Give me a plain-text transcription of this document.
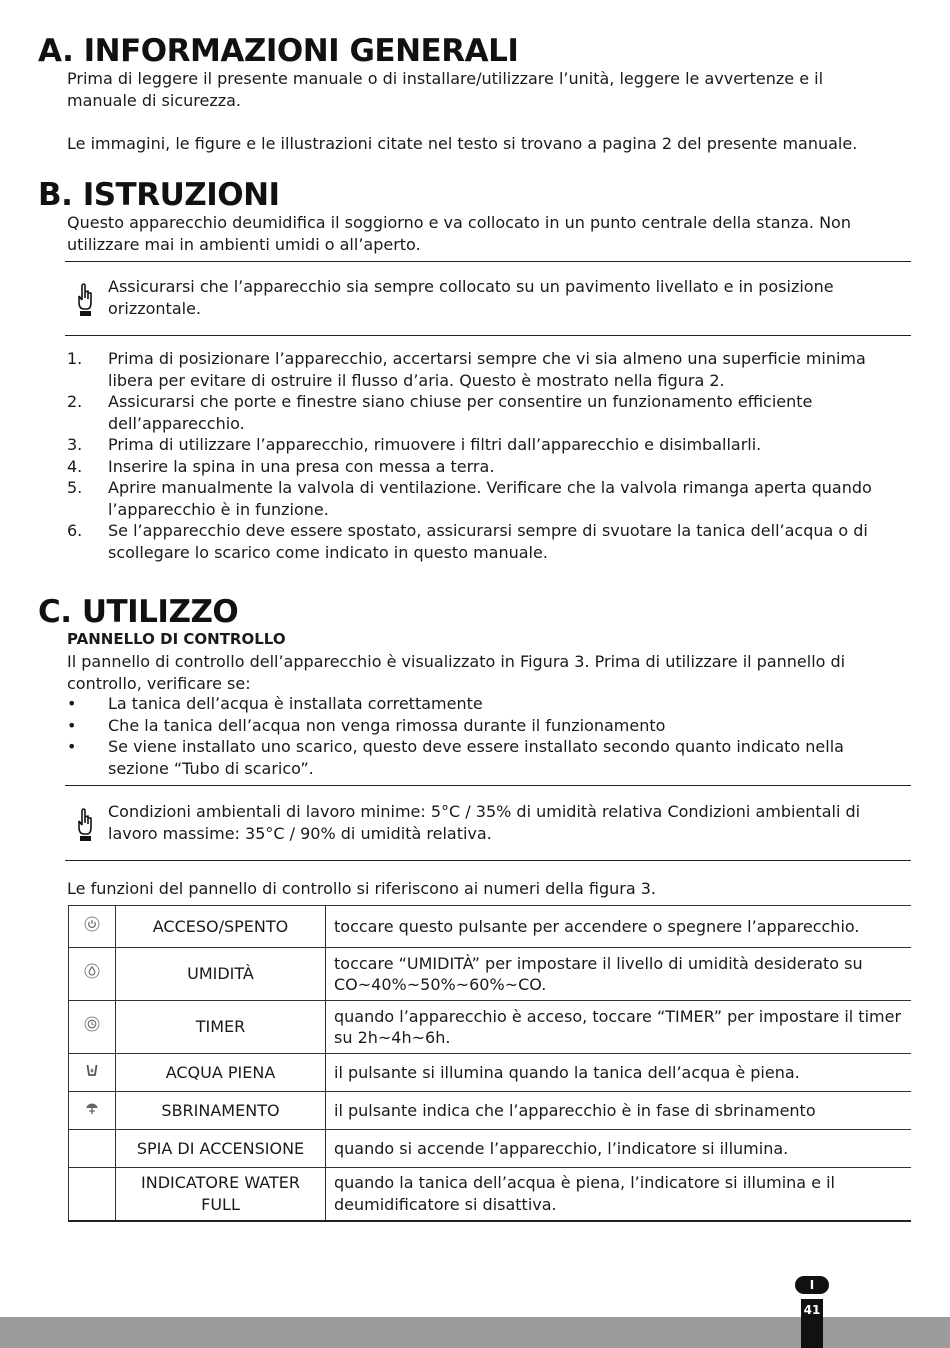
A. INFORMAZIONI GENERALI

Prima di leggere il presente manuale o di installare/utilizzare l’unità, leggere le avvertenze e il manuale di sicurezza.

Le immagini, le figure e le illustrazioni citate nel testo si trovano a pagina 2 del presente manuale.

B. ISTRUZIONI

Questo apparecchio deumidifica il soggiorno e va collocato in un punto centrale della stanza. Non utilizzare mai in ambienti umidi o all’aperto.

Assicurarsi che l’apparecchio sia sempre collocato su un pavimento livellato e in posizione orizzontale.

1. Prima di posizionare l’apparecchio, accertarsi sempre che vi sia almeno una superficie minima libera per evitare di ostruire il flusso d’aria. Questo è mostrato nella figura 2.
2. Assicurarsi che porte e finestre siano chiuse per consentire un funzionamento efficiente dell’apparecchio.
3. Prima di utilizzare l’apparecchio, rimuovere i filtri dall’apparecchio e disimballarli.
4. Inserire la spina in una presa con messa a terra.
5. Aprire manualmente la valvola di ventilazione. Verificare che la valvola rimanga aperta quando l’apparecchio è in funzione.
6. Se l’apparecchio deve essere spostato, assicurarsi sempre di svuotare la tanica dell’acqua o di scollegare lo scarico come indicato in questo manuale.
C. UTILIZZO

PANNELLO DI CONTROLLO

Il pannello di controllo dell’apparecchio è visualizzato in Figura 3. Prima di utilizzare il pannello di controllo, verificare se:

• La tanica dell’acqua è installata correttamente
• Che la tanica dell’acqua non venga rimossa durante il funzionamento
• Se viene installato uno scarico, questo deve essere installato secondo quanto indicato nella sezione “Tubo di scarico”.

Condizioni ambientali di lavoro minime: 5°C / 35% di umidità relativa Condizioni ambientali di lavoro massime: 35°C / 90% di umidità relativa.

Le funzioni del pannello di controllo si riferiscono ai numeri della figura 3.

	ACCESO/SPENTO	toccare questo pulsante per accendere o spegnere l’apparecchio.
	UMIDITÀ	toccare “UMIDITÀ” per impostare il livello di umidità desiderato su CO~40%~50%~60%~CO.
	TIMER	quando l’apparecchio è acceso, toccare “TIMER” per impostare il timer su 2h~4h~6h.
	ACQUA PIENA	il pulsante si illumina quando la tanica dell’acqua è piena.
	SBRINAMENTO	il pulsante indica che l’apparecchio è in fase di sbrinamento
	SPIA DI ACCENSIONE	quando si accende l’apparecchio, l’indicatore si illumina.
	INDICATORE WATER FULL	quando la tanica dell’acqua è piena, l’indicatore si illumina e il deumidificatore si disattiva.
I
41
